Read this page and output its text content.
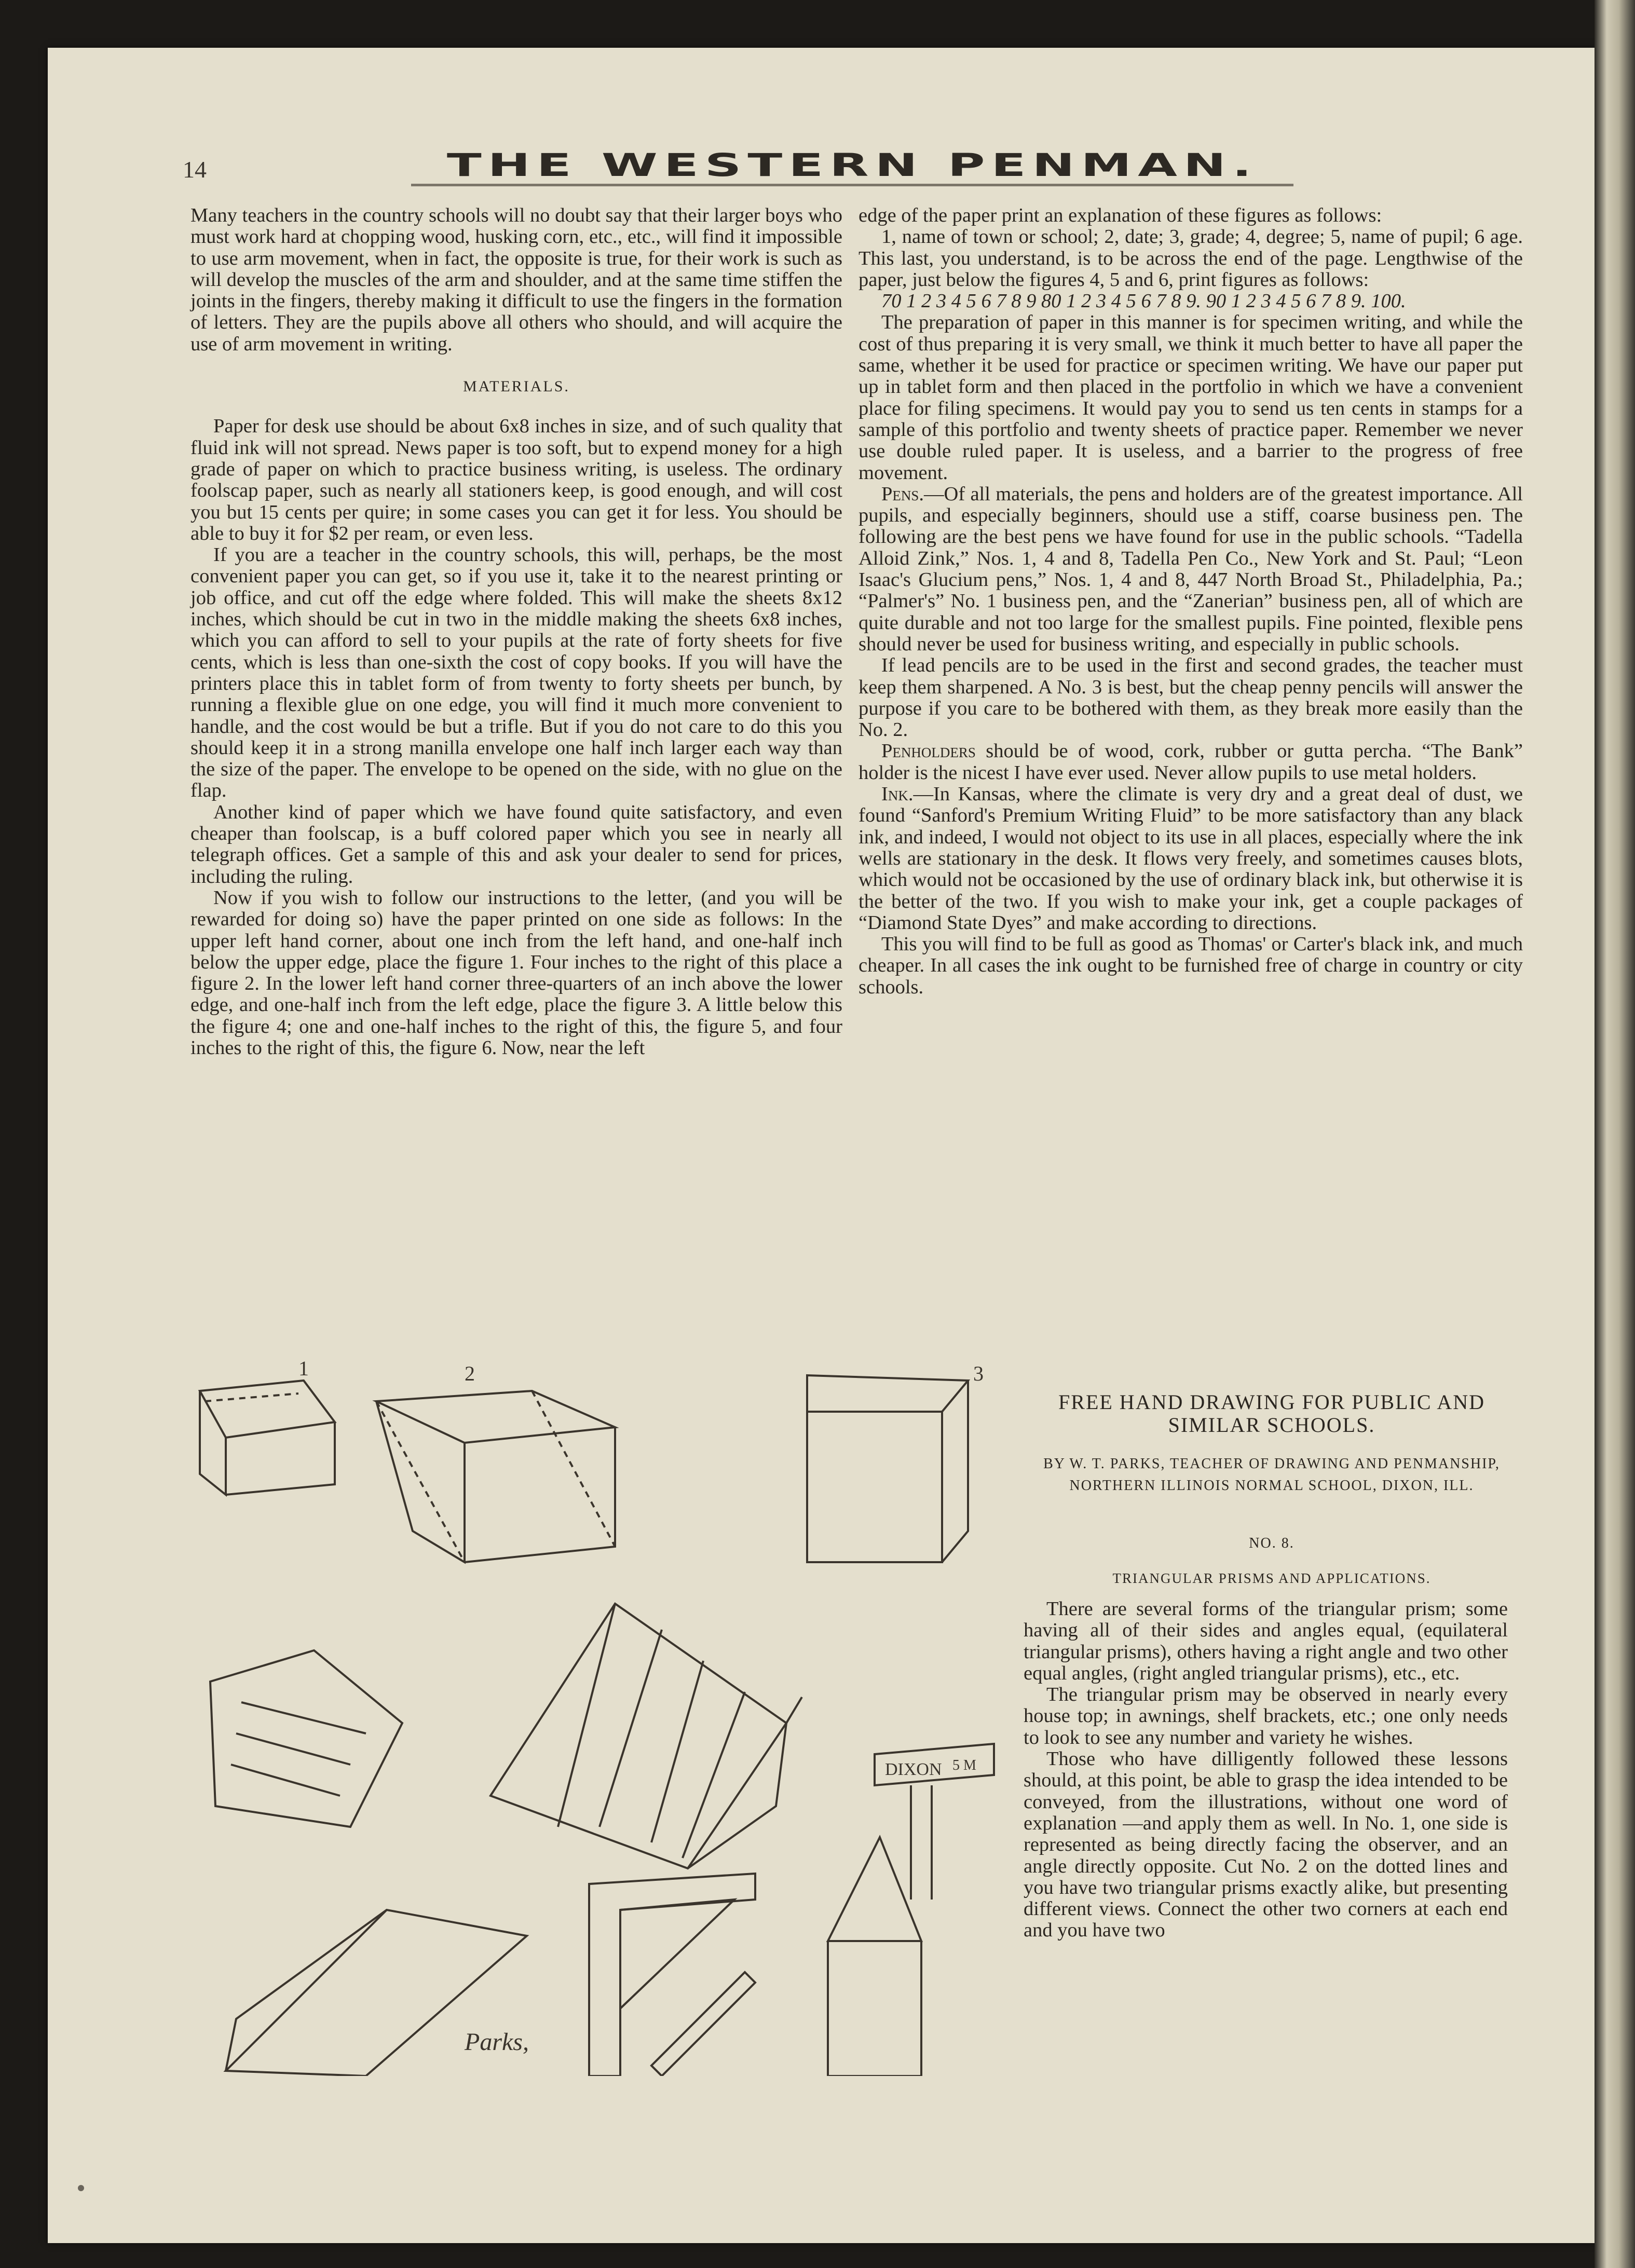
14	THE WESTERN PENMAN.

Many teachers in the country schools will no doubt say that their larger boys who must work hard at chopping wood, husking corn, etc., etc., will find it impossible to use arm movement, when in fact, the opposite is true, for their work is such as will develop the muscles of the arm and shoulder, and at the same time stiffen the joints in the fingers, thereby making it difficult to use the fingers in the formation of letters. They are the pupils above all others who should, and will acquire the use of arm movement in writing.

MATERIALS.

Paper for desk use should be about 6x8 inches in size, and of such quality that fluid ink will not spread. News paper is too soft, but to expend money for a high grade of paper on which to practice business writing, is useless. The ordinary foolscap paper, such as nearly all stationers keep, is good enough, and will cost you but 15 cents per quire; in some cases you can get it for less. You should be able to buy it for $2 per ream, or even less.

If you are a teacher in the country schools, this will, perhaps, be the most convenient paper you can get, so if you use it, take it to the nearest printing or job office, and cut off the edge where folded. This will make the sheets 8x12 inches, which should be cut in two in the middle making the sheets 6x8 inches, which you can afford to sell to your pupils at the rate of forty sheets for five cents, which is less than one-sixth the cost of copy books. If you will have the printers place this in tablet form of from twenty to forty sheets per bunch, by running a flexible glue on one edge, you will find it much more convenient to handle, and the cost would be but a trifle. But if you do not care to do this you should keep it in a strong manilla envelope one half inch larger each way than the size of the paper. The envelope to be opened on the side, with no glue on the flap.

Another kind of paper which we have found quite satisfactory, and even cheaper than foolscap, is a buff colored paper which you see in nearly all telegraph offices. Get a sample of this and ask your dealer to send for prices, including the ruling.

Now if you wish to follow our instructions to the letter, (and you will be rewarded for doing so) have the paper printed on one side as follows: In the upper left hand corner, about one inch from the left hand, and one-half inch below the upper edge, place the figure 1. Four inches to the right of this place a figure 2. In the lower left hand corner three-quarters of an inch above the lower edge, and one-half inch from the left edge, place the figure 3. A little below this the figure 4; one and one-half inches to the right of this, the figure 5, and four inches to the right of this, the figure 6. Now, near the left

edge of the paper print an explanation of these figures as follows:

1, name of town or school; 2, date; 3, grade; 4, degree; 5, name of pupil; 6 age. This last, you understand, is to be across the end of the page. Lengthwise of the paper, just below the figures 4, 5 and 6, print figures as follows:

70 1 2 3 4 5 6 7 8 9 80 1 2 3 4 5 6 7 8 9. 90 1 2 3 4 5 6 7 8 9. 100.

The preparation of paper in this manner is for specimen writing, and while the cost of thus preparing it is very small, we think it much better to have all paper the same, whether it be used for practice or specimen writing. We have our paper put up in tablet form and then placed in the portfolio in which we have a convenient place for filing specimens. It would pay you to send us ten cents in stamps for a sample of this portfolio and twenty sheets of practice paper. Remember we never use double ruled paper. It is useless, and a barrier to the progress of free movement.

Pens.—Of all materials, the pens and holders are of the greatest importance. All pupils, and especially beginners, should use a stiff, coarse business pen. The following are the best pens we have found for use in the public schools. “Tadella Alloid Zink,” Nos. 1, 4 and 8, Tadella Pen Co., New York and St. Paul; “Leon Isaac's Glucium pens,” Nos. 1, 4 and 8, 447 North Broad St., Philadelphia, Pa.; “Palmer's” No. 1 business pen, and the “Zanerian” business pen, all of which are quite durable and not too large for the smallest pupils. Fine pointed, flexible pens should never be used for business writing, and especially in public schools.

If lead pencils are to be used in the first and second grades, the teacher must keep them sharpened. A No. 3 is best, but the cheap penny pencils will answer the purpose if you care to be bothered with them, as they break more easily than the No. 2.

Penholders should be of wood, cork, rubber or gutta percha. “The Bank” holder is the nicest I have ever used. Never allow pupils to use metal holders.

Ink.—In Kansas, where the climate is very dry and a great deal of dust, we found “Sanford's Premium Writing Fluid” to be more satisfactory than any black ink, and indeed, I would not object to its use in all places, especially where the ink wells are stationary in the desk. It flows very freely, and sometimes causes blots, which would not be occasioned by the use of ordinary black ink, but otherwise it is the better of the two. If you wish to make your ink, get a couple packages of “Diamond State Dyes” and make according to directions.

This you will find to be full as good as Thomas' or Carter's black ink, and much cheaper. In all cases the ink ought to be furnished free of charge in country or city schools.

FREE HAND DRAWING FOR PUBLIC AND SIMILAR SCHOOLS.
BY W. T. PARKS, TEACHER OF DRAWING AND PENMANSHIP, NORTHERN ILLINOIS NORMAL SCHOOL, DIXON, ILL.
NO. 8.
TRIANGULAR PRISMS AND APPLICATIONS.

There are several forms of the triangular prism; some having all of their sides and angles equal, (equilateral triangular prisms), others having a right angle and two other equal angles, (right angled triangular prisms), etc., etc.

The triangular prism may be observed in nearly every house top; in awnings, shelf brackets, etc.; one only needs to look to see any number and variety he wishes.

Those who have dilligently followed these lessons should, at this point, be able to grasp the idea intended to be conveyed, from the illustrations, without one word of explanation —and apply them as well. In No. 1, one side is represented as being directly facing the observer, and an angle directly opposite. Cut No. 2 on the dotted lines and you have two triangular prisms exactly alike, but presenting different views. Connect the other two corners at each end and you have two

1	2	3
DIXON 5 M
Parks,
